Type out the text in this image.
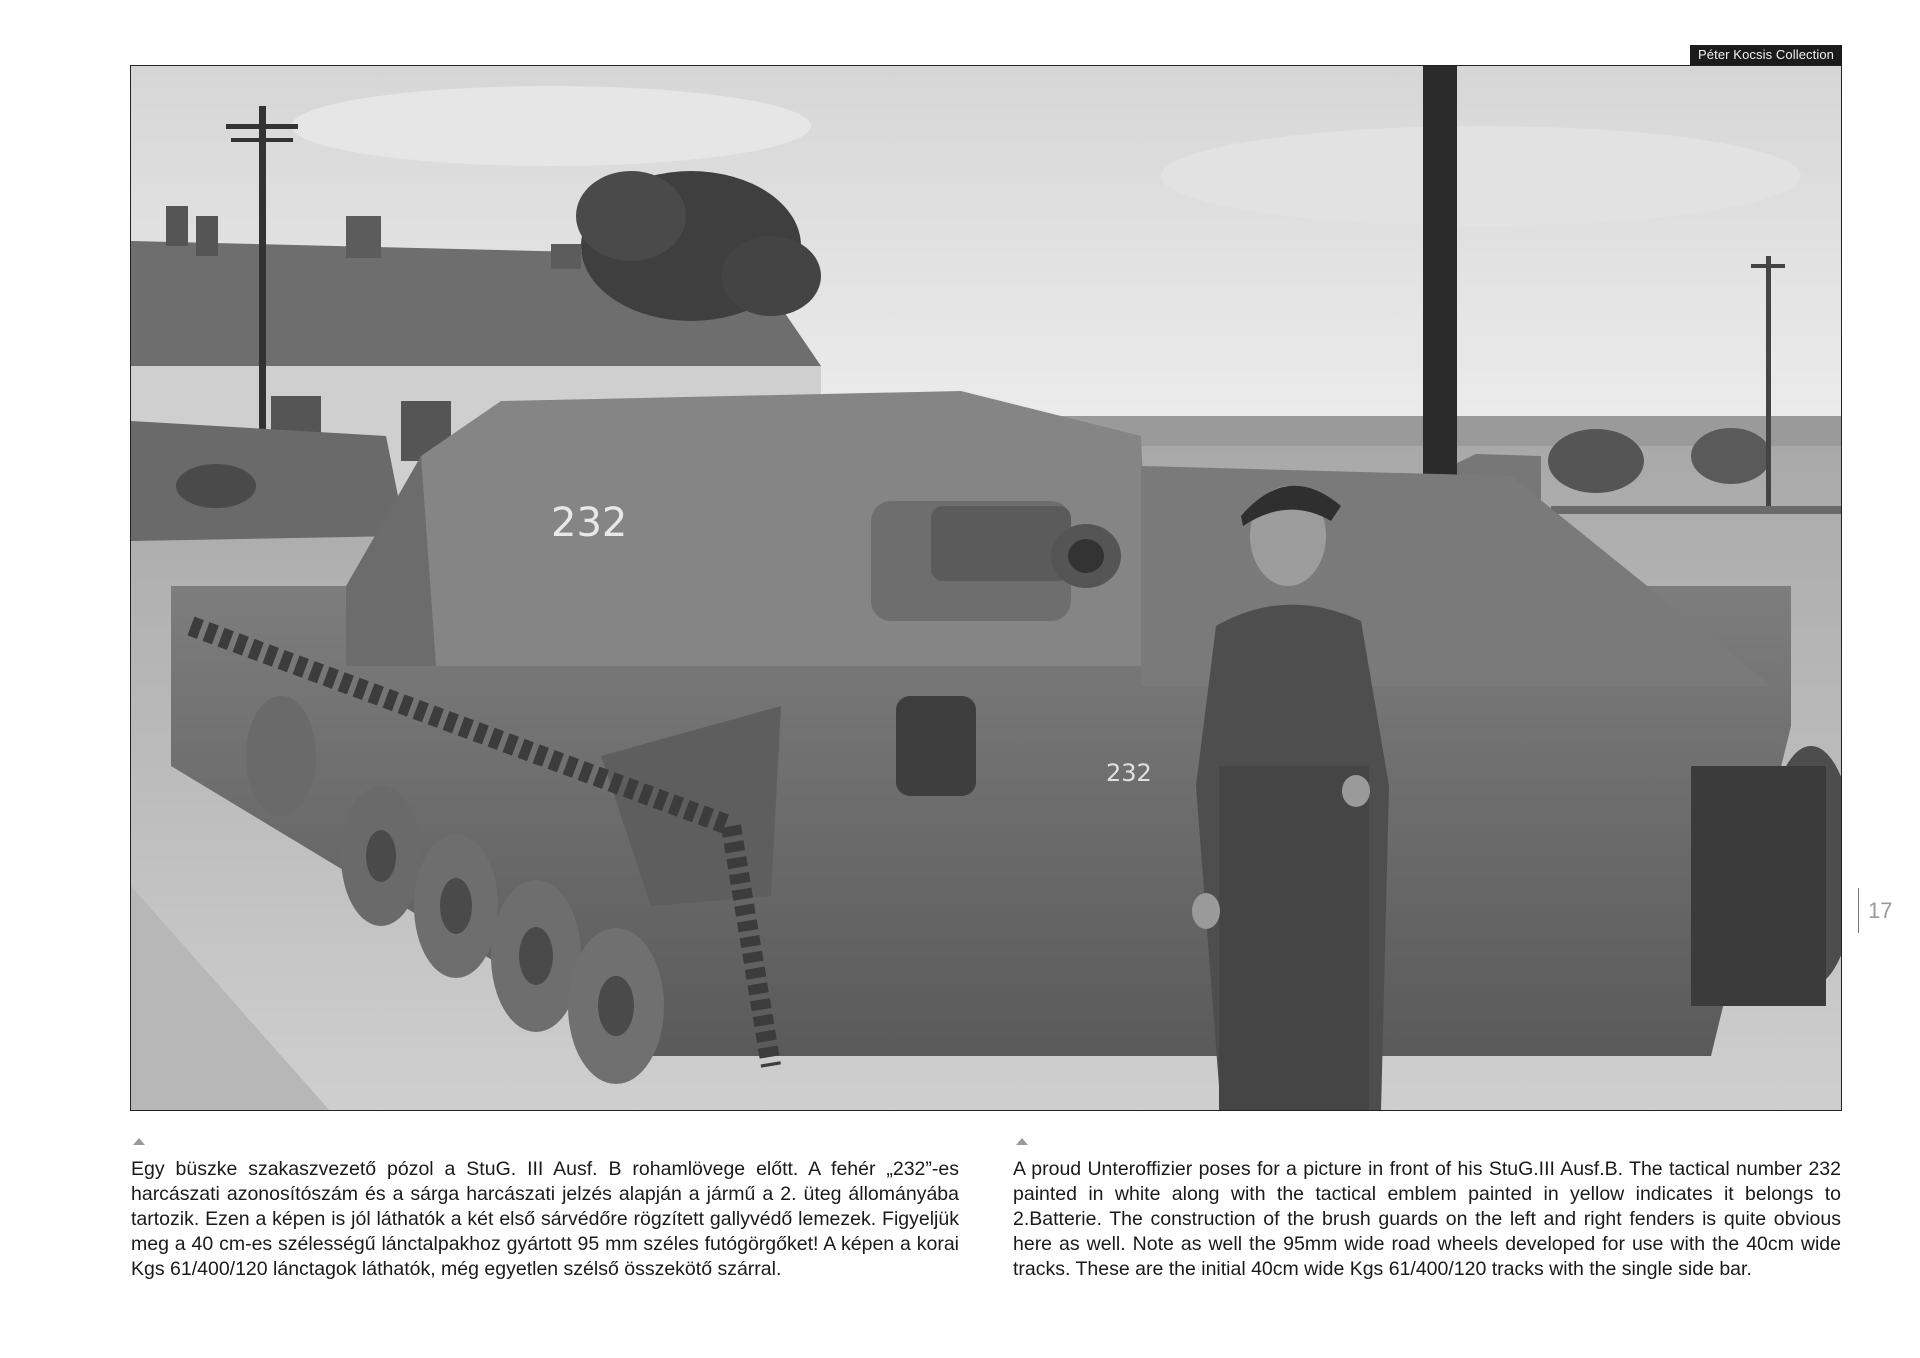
Péter Kocsis Collection
232
232
17
Egy büszke szakaszvezető pózol a StuG. III Ausf. B rohamlövege előtt. A fehér „232”-es harcászati azonosítószám és a sárga harcászati jelzés alapján a jármű a 2. üteg állományába tartozik. Ezen a képen is jól láthatók a két első sárvédőre rögzített gallyvédő lemezek. Figyeljük meg a 40 cm-es szélességű lánctalpakhoz gyártott 95 mm széles futógörgőket! A képen a korai Kgs 61/400/120 lánctagok láthatók, még egyetlen szélső összekötő szárral.
A proud Unteroffizier poses for a picture in front of his StuG.III Ausf.B. The tactical number 232 painted in white along with the tactical emblem painted in yellow indicates it belongs to 2.Batterie. The construction of the brush guards on the left and right fenders is quite obvious here as well. Note as well the 95mm wide road wheels developed for use with the 40cm wide tracks. These are the initial 40cm wide Kgs 61/400/120 tracks with the single side bar.
